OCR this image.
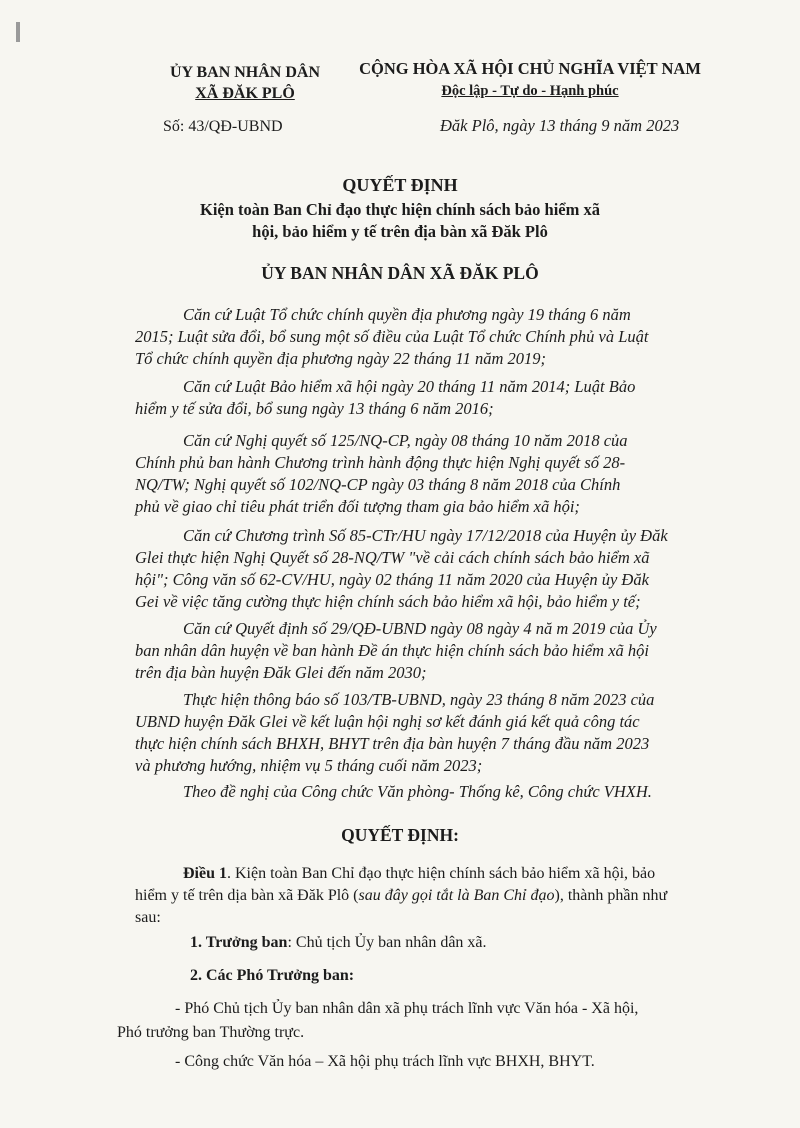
ỦY BAN NHÂN DÂN
XÃ ĐĂK PLÔ
CỘNG HÒA XÃ HỘI CHỦ NGHĨA VIỆT NAM
Độc lập - Tự do - Hạnh phúc
Số: 43/QĐ-UBND	Đăk Plô, ngày 13 tháng 9 năm 2023
QUYẾT ĐỊNH
Kiện toàn Ban Chỉ đạo thực hiện chính sách bảo hiểm xã
hội, bảo hiểm y tế trên địa bàn xã Đăk Plô
ỦY BAN NHÂN DÂN XÃ ĐĂK PLÔ
Căn cứ Luật Tổ chức chính quyền địa phương ngày 19 tháng 6 năm
2015; Luật sửa đổi, bổ sung một số điều của Luật Tổ chức Chính phủ và Luật
Tổ chức chính quyền địa phương ngày 22 tháng 11 năm 2019;
Căn cứ Luật Bảo hiểm xã hội ngày 20 tháng 11 năm 2014; Luật Bảo
hiểm y tế sửa đổi, bổ sung ngày 13 tháng 6 năm 2016;
Căn cứ Nghị quyết số 125/NQ-CP, ngày 08 tháng 10 năm 2018 của
Chính phủ ban hành Chương trình hành động thực hiện Nghị quyết số 28-
NQ/TW; Nghị quyết số 102/NQ-CP ngày 03 tháng 8 năm 2018 của Chính
phủ về giao chỉ tiêu phát triển đối tượng tham gia bảo hiểm xã hội;
Căn cứ Chương trình Số 85-CTr/HU ngày 17/12/2018 của Huyện ủy Đăk
Glei thực hiện Nghị Quyết số 28-NQ/TW "về cải cách chính sách bảo hiểm xã
hội"; Công văn số 62-CV/HU, ngày 02 tháng 11 năm 2020 của Huyện ủy Đăk
Gei về việc tăng cường thực hiện chính sách bảo hiểm xã hội, bảo hiểm y tế;
Căn cứ Quyết định số 29/QĐ-UBND ngày 08 ngày 4 nă m 2019 của Ủy
ban nhân dân huyện về ban hành Đề án thực hiện chính sách bảo hiểm xã hội
trên địa bàn huyện Đăk Glei đến năm 2030;
Thực hiện thông báo số 103/TB-UBND, ngày 23 tháng 8 năm 2023 của
UBND huyện Đăk Glei về kết luận hội nghị sơ kết đánh giá kết quả công tác
thực hiện chính sách BHXH, BHYT trên địa bàn huyện 7 tháng đầu năm 2023
và phương hướng, nhiệm vụ 5 tháng cuối năm 2023;
Theo đề nghị của Công chức Văn phòng- Thống kê, Công chức VHXH.
QUYẾT ĐỊNH:
Điều 1. Kiện toàn Ban Chỉ đạo thực hiện chính sách bảo hiểm xã hội, bảo
hiểm y tế trên dịa bàn xã Đăk Plô (sau đây gọi tắt là Ban Chỉ đạo), thành phần như
sau:
1. Trưởng ban: Chủ tịch Ủy ban nhân dân xã.
2. Các Phó Trưởng ban:
- Phó Chủ tịch Ủy ban nhân dân xã phụ trách lĩnh vực Văn hóa - Xã hội,
Phó trưởng ban Thường trực.
- Công chức Văn hóa – Xã hội phụ trách lĩnh vực BHXH, BHYT.
